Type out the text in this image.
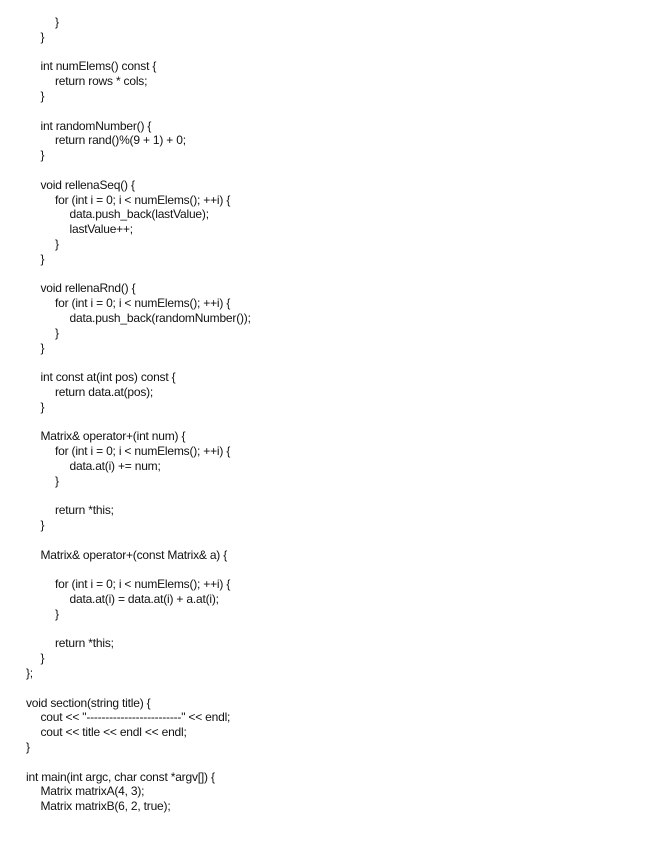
}
}
int numElems() const {
return rows * cols;
}
int randomNumber() {
return rand()%(9 + 1) + 0;
}
void rellenaSeq() {
for (int i = 0; i < numElems(); ++i) {
data.push_back(lastValue);
lastValue++;
}
}
void rellenaRnd() {
for (int i = 0; i < numElems(); ++i) {
data.push_back(randomNumber());
}
}
int const at(int pos) const {
return data.at(pos);
}
Matrix& operator+(int num) {
for (int i = 0; i < numElems(); ++i) {
data.at(i) += num;
}
return *this;
}
Matrix& operator+(const Matrix& a) {
for (int i = 0; i < numElems(); ++i) {
data.at(i) = data.at(i) + a.at(i);
}
return *this;
}
};
void section(string title) {
cout << "-------------------------" << endl;
cout << title << endl << endl;
}
int main(int argc, char const *argv[]) {
Matrix matrixA(4, 3);
Matrix matrixB(6, 2, true);
